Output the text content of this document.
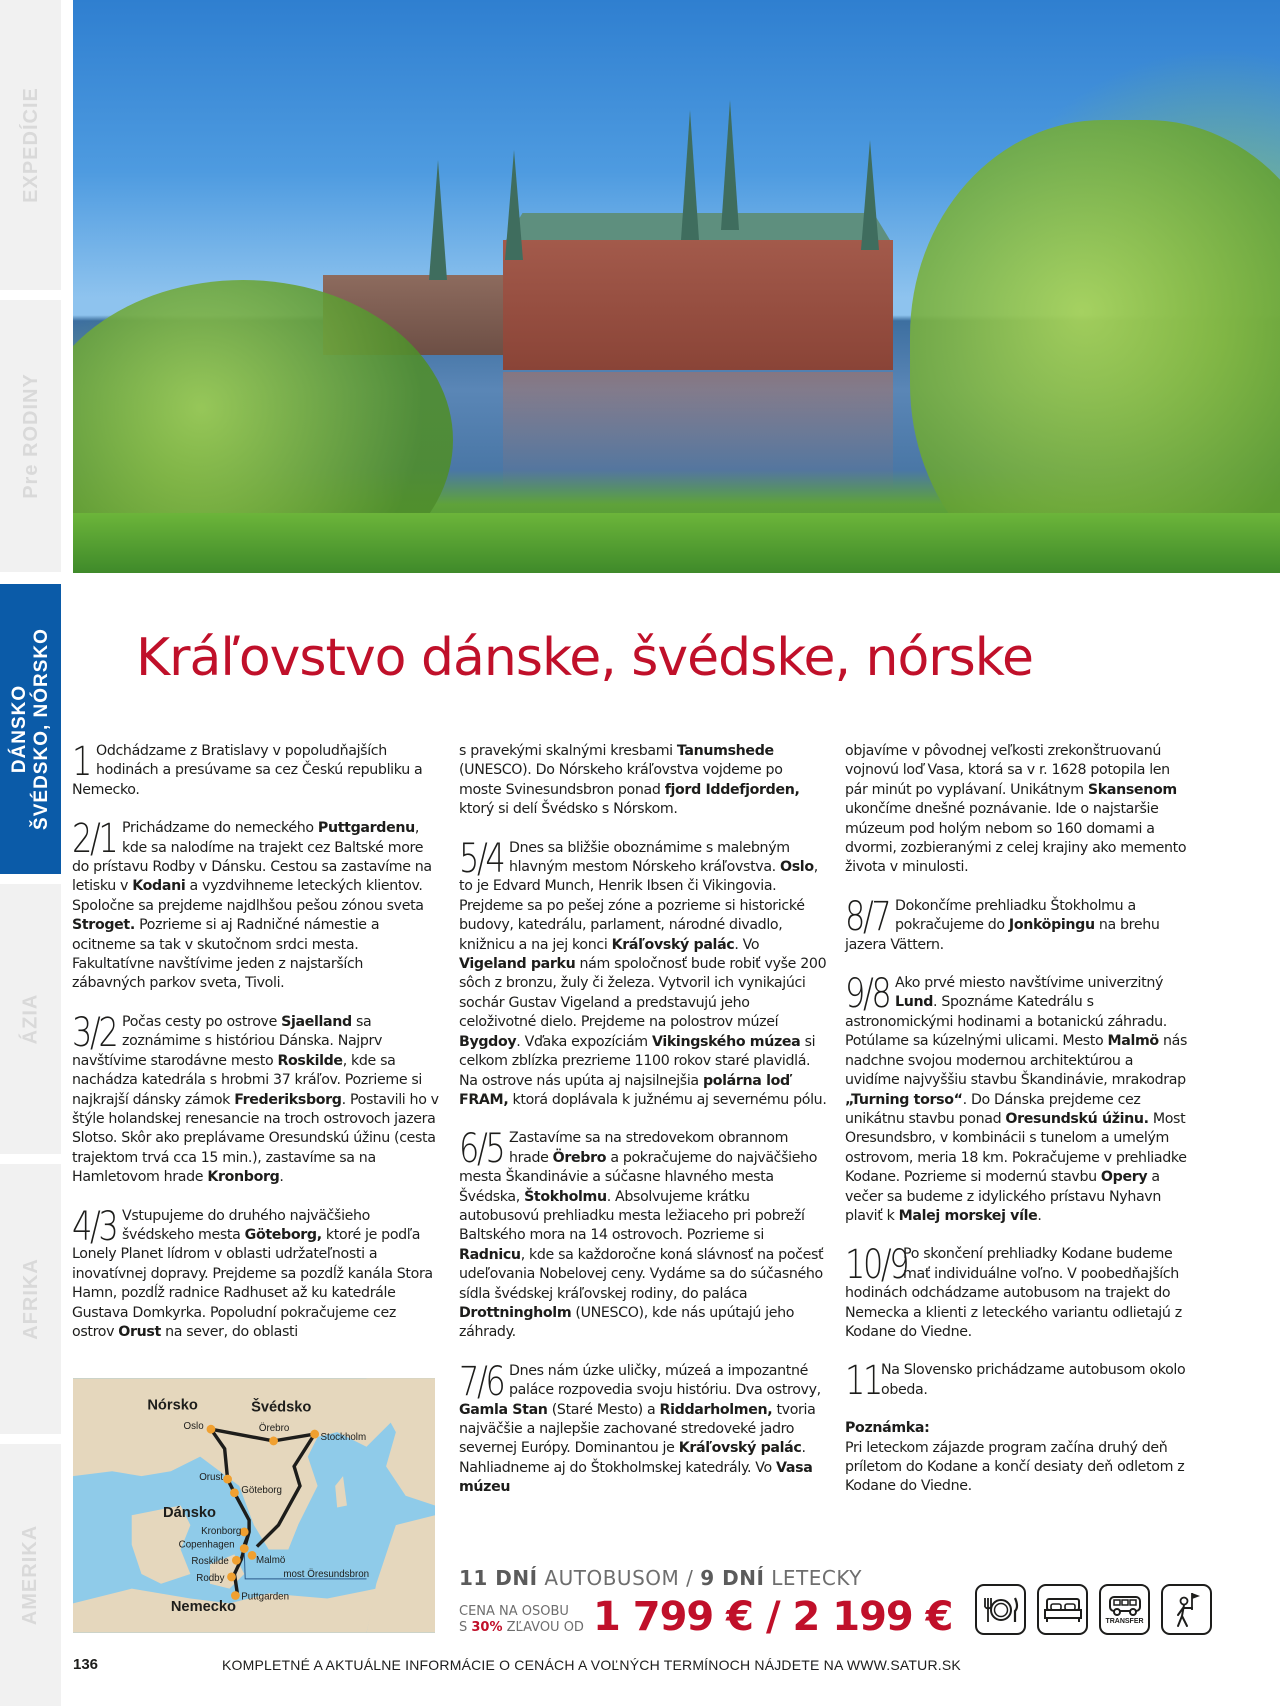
EXPEDÍCIE
Pre RODINY
DÁNSKO
ŠVÉDSKO, NÓRSKO
ÁZIA
AFRIKA
AMERIKA
Kráľovstvo dánske, švédske, nórske
1 Odchádzame z Bratislavy v popoludňajších hodinách a presúvame sa cez Českú republiku a Nemecko.
2/1 Prichádzame do nemeckého Puttgardenu, kde sa nalodíme na trajekt cez Baltské more do prístavu Rodby v Dánsku. Cestou sa zastavíme na letisku v Kodani a vyzdvihneme leteckých klientov. Spoločne sa prejdeme najdlhšou pešou zónou sveta Stroget. Pozrieme si aj Radničné námestie a ocitneme sa tak v skutočnom srdci mesta. Fakultatívne navštívime jeden z najstarších zábavných parkov sveta, Tivoli.
3/2 Počas cesty po ostrove Sjaelland sa zoznámime s históriou Dánska. Najprv navštívime starodávne mesto Roskilde, kde sa nachádza katedrála s hrobmi 37 kráľov. Pozrieme si najkrajší dánsky zámok Frederiksborg. Postavili ho v štýle holandskej renesancie na troch ostrovoch jazera Slotso. Skôr ako preplávame Oresundskú úžinu (cesta trajektom trvá cca 15 min.), zastavíme sa na Hamletovom hrade Kronborg.
4/3 Vstupujeme do druhého najväčšieho švédskeho mesta Göteborg, ktoré je podľa Lonely Planet lídrom v oblasti udržateľnosti a inovatívnej dopravy. Prejdeme sa pozdĺž kanála Stora Hamn, pozdĺž radnice Radhuset až ku katedrále Gustava Domkyrka. Popoludní pokračujeme cez ostrov Orust na sever, do oblasti
Nórsko	Švédsko
Dánsko
Nemecko
Oslo	Örebro
Stockholm
Orust
Göteborg
Kronborg
Copenhagen
Malmö
Roskilde
Rodby
Puttgarden
most Öresundsbron
s pravekými skalnými kresbami Tanumshede (UNESCO). Do Nórskeho kráľovstva vojdeme po moste Svinesundsbron ponad fjord Iddefjorden, ktorý si delí Švédsko s Nórskom.
5/4 Dnes sa bližšie oboznámime s malebným hlavným mestom Nórskeho kráľovstva. Oslo, to je Edvard Munch, Henrik Ibsen či Vikingovia. Prejdeme sa po pešej zóne a pozrieme si historické budovy, katedrálu, parlament, národné divadlo, knižnicu a na jej konci Kráľovský palác. Vo Vigeland parku nám spoločnosť bude robiť vyše 200 sôch z bronzu, žuly či železa. Vytvoril ich vynikajúci sochár Gustav Vigeland a predstavujú jeho celoživotné dielo. Prejdeme na polostrov múzeí Bygdoy. Vďaka expozíciám Vikingského múzea si celkom zblízka prezrieme 1100 rokov staré plavidlá. Na ostrove nás upúta aj najsilnejšia polárna loď FRAM, ktorá doplávala k južnému aj severnému pólu.
6/5 Zastavíme sa na stredovekom obrannom hrade Örebro a pokračujeme do najväčšieho mesta Škandinávie a súčasne hlavného mesta Švédska, Štokholmu. Absolvujeme krátku autobusovú prehliadku mesta ležiaceho pri pobreží Baltského mora na 14 ostrovoch. Pozrieme si Radnicu, kde sa každoročne koná slávnosť na počesť udeľovania Nobelovej ceny. Vydáme sa do súčasného sídla švédskej kráľovskej rodiny, do paláca Drottningholm (UNESCO), kde nás upútajú jeho záhrady.
7/6 Dnes nám úzke uličky, múzeá a impozantné paláce rozpovedia svoju históriu. Dva ostrovy, Gamla Stan (Staré Mesto) a Riddarholmen, tvoria najväčšie a najlepšie zachované stredoveké jadro severnej Európy. Dominantou je Kráľovský palác. Nahliadneme aj do Štokholmskej katedrály. Vo Vasa múzeu
objavíme v pôvodnej veľkosti zrekonštruovanú vojnovú loď Vasa, ktorá sa v r. 1628 potopila len pár minút po vyplávaní. Unikátnym Skansenom ukončíme dnešné poznávanie. Ide o najstaršie múzeum pod holým nebom so 160 domami a dvormi, zozbieranými z celej krajiny ako memento života v minulosti.
8/7 Dokončíme prehliadku Štokholmu a pokračujeme do Jonköpingu na brehu jazera Vättern.
9/8 Ako prvé miesto navštívime univerzitný Lund. Spoznáme Katedrálu s astronomickými hodinami a botanickú záhradu. Potúlame sa kúzelnými ulicami. Mesto Malmö nás nadchne svojou modernou architektúrou a uvidíme najvyššiu stavbu Škandinávie, mrakodrap „Turning torso“. Do Dánska prejdeme cez unikátnu stavbu ponad Oresundskú úžinu. Most Oresundsbro, v kombinácii s tunelom a umelým ostrovom, meria 18 km. Pokračujeme v prehliadke Kodane. Pozrieme si modernú stavbu Opery a večer sa budeme z idylického prístavu Nyhavn plaviť k Malej morskej víle.
10/9
Po skončení prehliadky Kodane budeme mať individuálne voľno. V poobedňajších hodinách odchádzame autobusom na trajekt do Nemecka a klienti z leteckého variantu odlietajú z Kodane do Viedne.
11 Na Slovensko prichádzame autobusom okolo obeda.
Poznámka:
Pri leteckom zájazde program začína druhý deň príletom do Kodane a končí desiaty deň odletom z Kodane do Viedne.
11 DNÍ AUTOBUSOM / 9 DNÍ LETECKY
CENA NA OSOBU
S 30% ZĽAVOU OD 1 799 € / 2 199 €	TRANSFER
136	KOMPLETNÉ A AKTUÁLNE INFORMÁCIE O CENÁCH A VOĽNÝCH TERMÍNOCH NÁJDETE NA WWW.SATUR.SK
